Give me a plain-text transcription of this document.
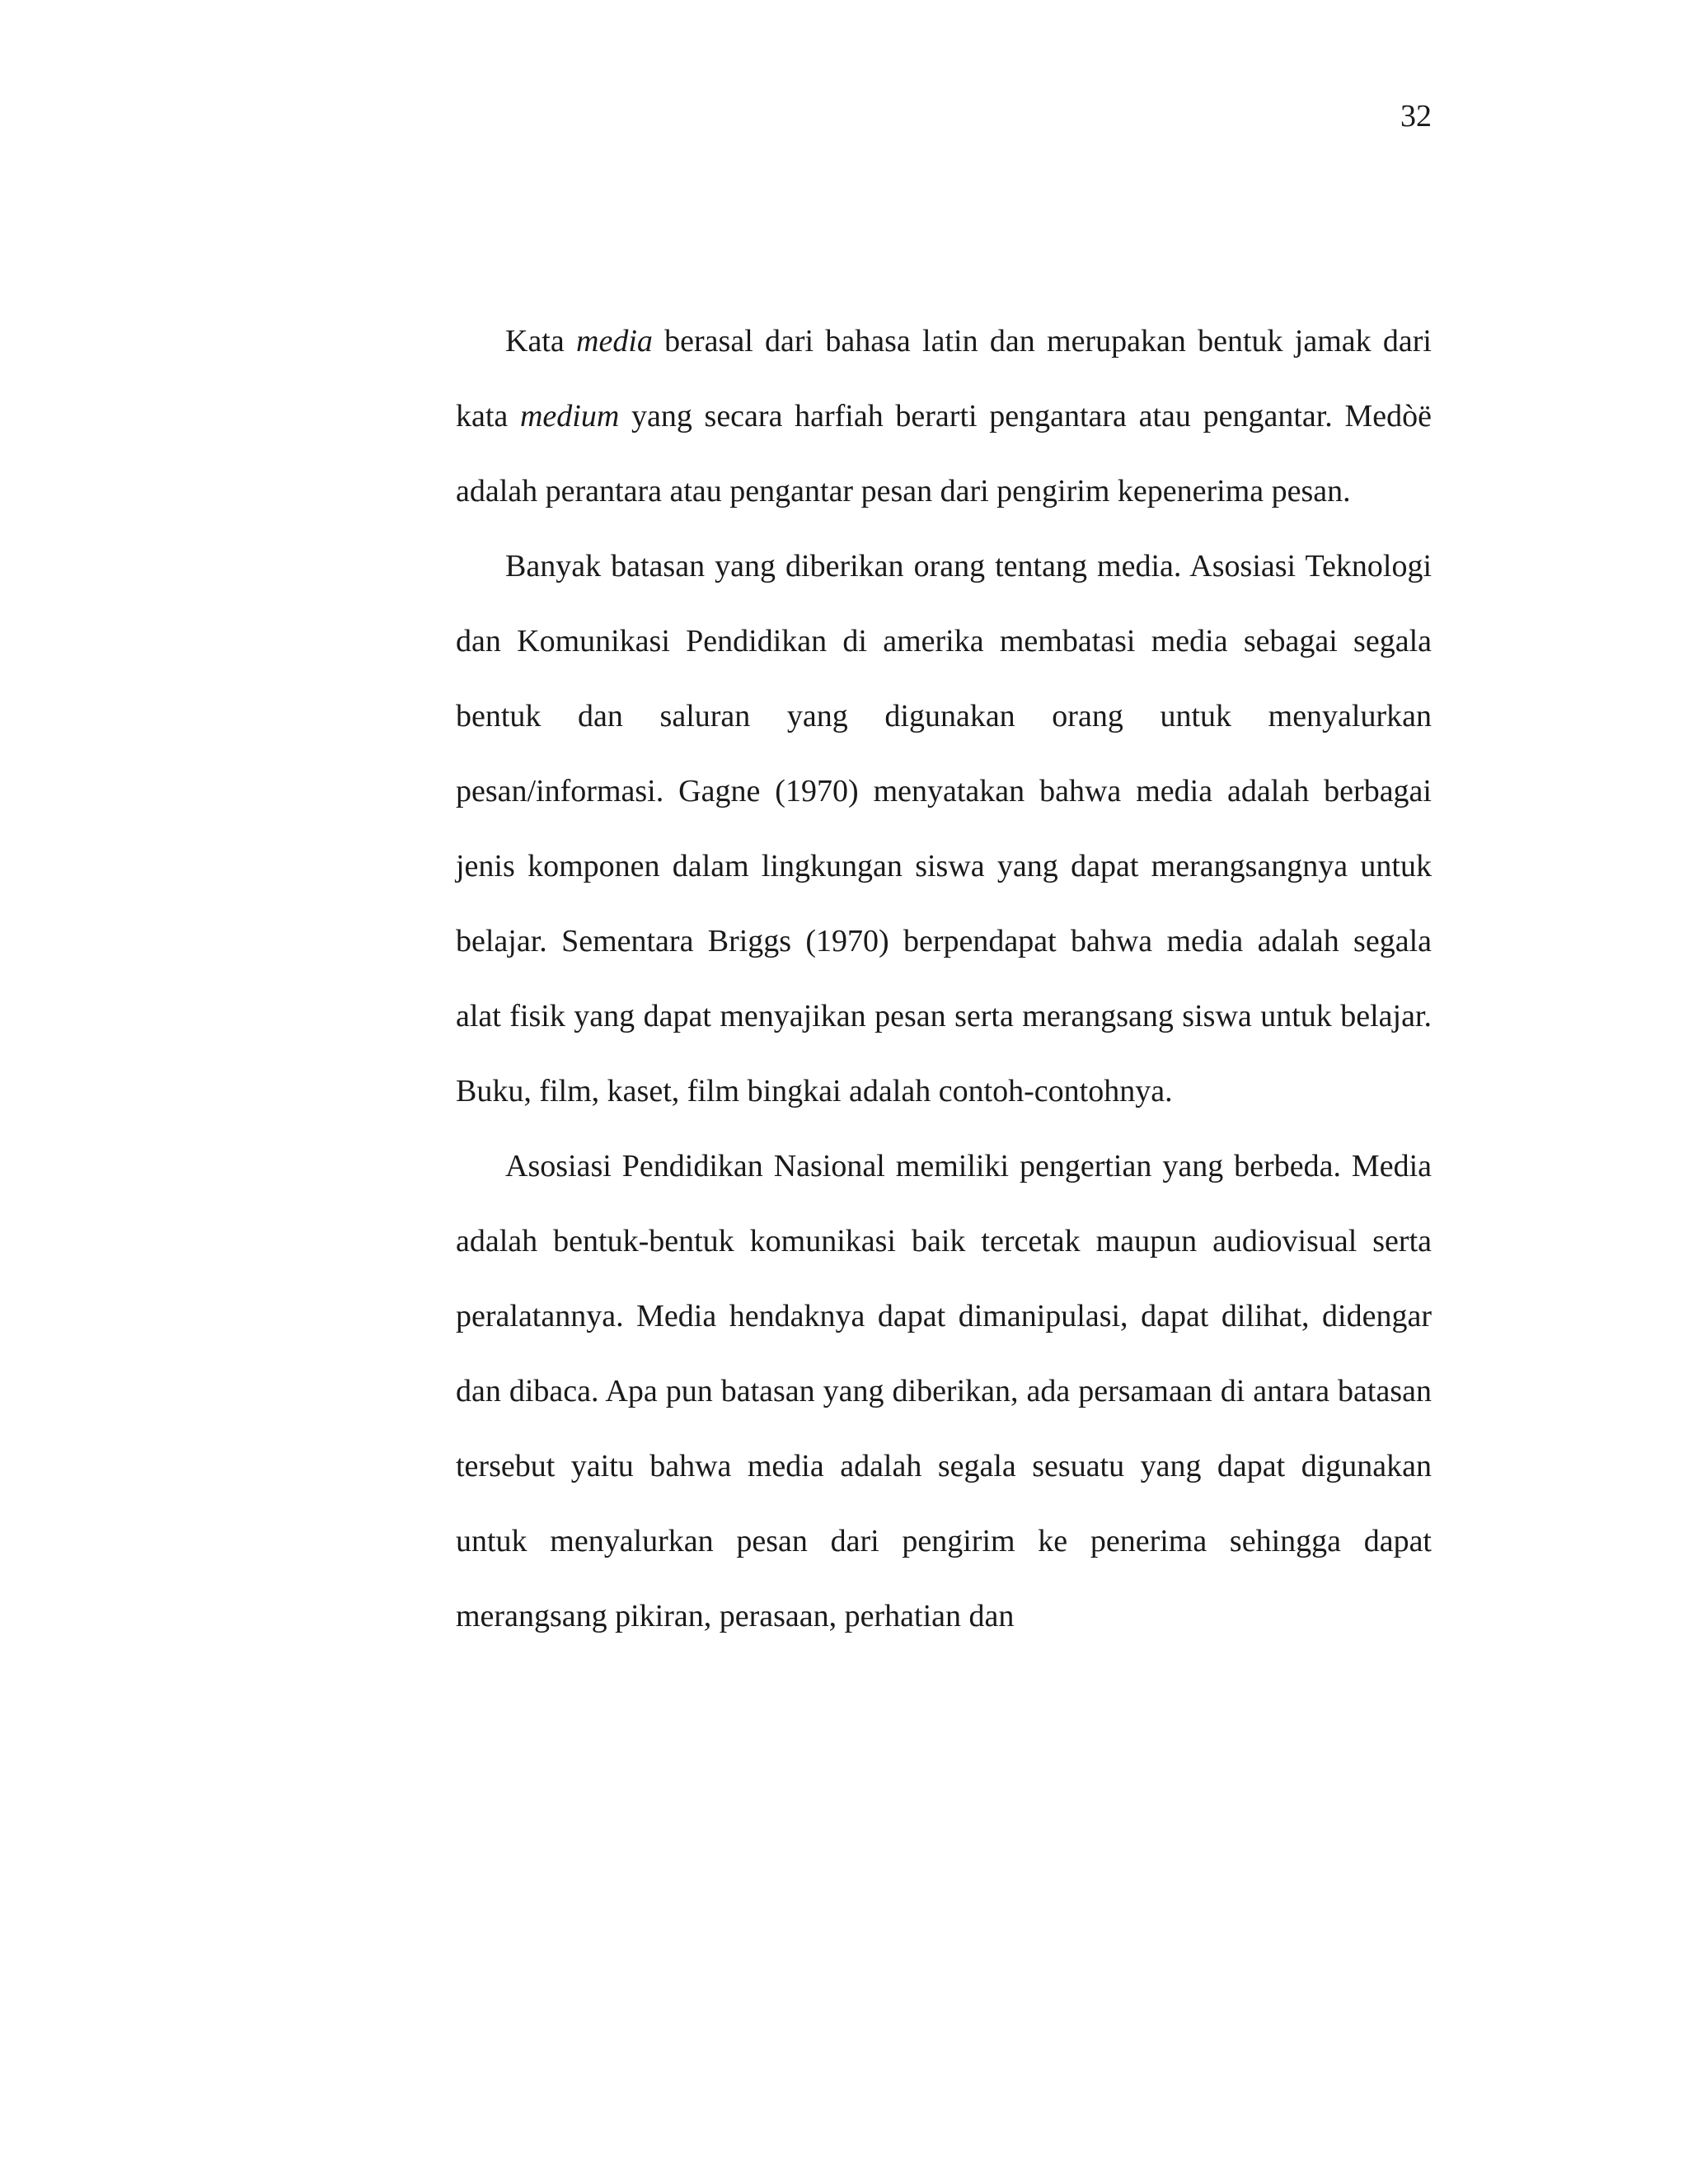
32

Kata media berasal dari bahasa latin dan merupakan bentuk jamak dari kata medium yang secara harfiah berarti pengantara atau pengantar. Medòë adalah perantara atau pengantar pesan dari pengirim kepenerima pesan.

Banyak batasan yang diberikan orang tentang media. Asosiasi Teknologi dan Komunikasi Pendidikan di amerika membatasi media sebagai segala bentuk dan saluran yang digunakan orang untuk menyalurkan pesan/informasi. Gagne (1970) menyatakan bahwa media adalah berbagai jenis komponen dalam lingkungan siswa yang dapat merangsangnya untuk belajar. Sementara Briggs (1970) berpendapat bahwa media adalah segala alat fisik yang dapat menyajikan pesan serta merangsang siswa untuk belajar. Buku, film, kaset, film bingkai adalah contoh-contohnya.

Asosiasi Pendidikan Nasional memiliki pengertian yang berbeda. Media adalah bentuk-bentuk komunikasi baik tercetak maupun audiovisual serta peralatannya. Media hendaknya dapat dimanipulasi, dapat dilihat, didengar dan dibaca. Apa pun batasan yang diberikan, ada persamaan di antara batasan tersebut yaitu bahwa media adalah segala sesuatu yang dapat digunakan untuk menyalurkan pesan dari pengirim ke penerima sehingga dapat merangsang pikiran, perasaan, perhatian dan
